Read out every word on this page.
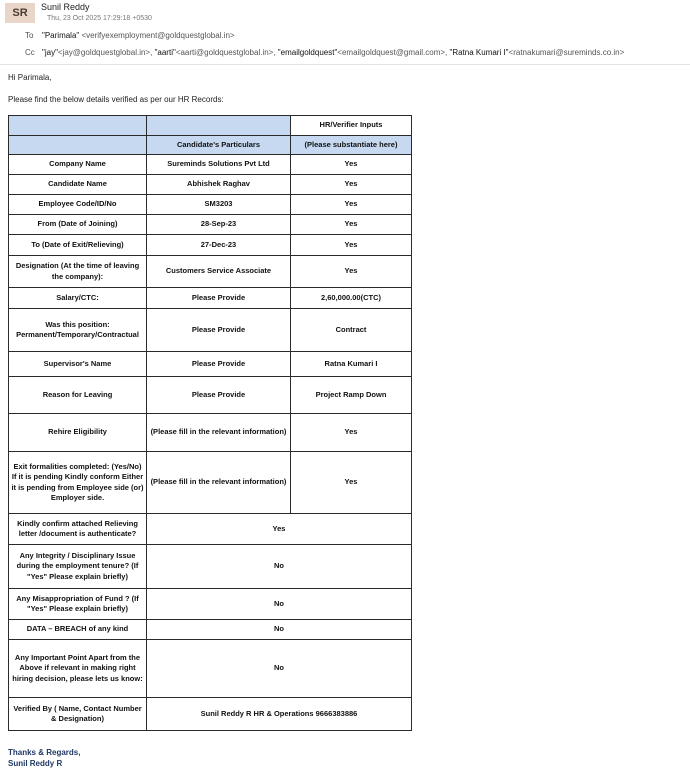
SR	Sunil Reddy
Thu, 23 Oct 2025 17:29:18 +0530
To "Parimala" <verifyexemployment@goldquestglobal.in>
Cc "jay"<jay@goldquestglobal.in>, "aarti"<aarti@goldquestglobal.in>, "emailgoldquest"<emailgoldquest@gmail.com>, "Ratna Kumari I"<ratnakumari@sureminds.co.in>
Hi Parimala,
Please find the below details verified as per our HR Records:
		HR/Verifier Inputs
	Candidate's Particulars	(Please substantiate here)
Company Name	Sureminds Solutions Pvt Ltd	Yes
Candidate Name	Abhishek Raghav	Yes
Employee Code/ID/No	SM3203	Yes
From (Date of Joining)	28-Sep-23	Yes
To (Date of Exit/Relieving)	27-Dec-23	Yes
Designation (At the time of leaving the company):	Customers Service Associate	Yes
Salary/CTC:	Please Provide	2,60,000.00(CTC)
Was this position: Permanent/Temporary/Contractual	Please Provide	Contract
Supervisor's Name	Please Provide	Ratna Kumari I
Reason for Leaving	Please Provide	Project Ramp Down
Rehire Eligibility	(Please fill in the relevant information)	Yes
Exit formalities completed: (Yes/No) If it is pending Kindly conform Either it is pending from Employee side (or) Employer side.	(Please fill in the relevant information)	Yes
Kindly confirm attached Relieving letter /document is authenticate?	Yes	
Any Integrity / Disciplinary Issue during the employment tenure? (If "Yes" Please explain briefly)	No	
Any Misappropriation of Fund ? (If "Yes" Please explain briefly)	No	
DATA – BREACH of any kind	No	
Any Important Point Apart from the Above if relevant in making right hiring decision, please lets us know:	No	
Verified By ( Name, Contact Number & Designation)	Sunil Reddy R HR & Operations 9666383886	
Thanks & Regards,
Sunil Reddy R
